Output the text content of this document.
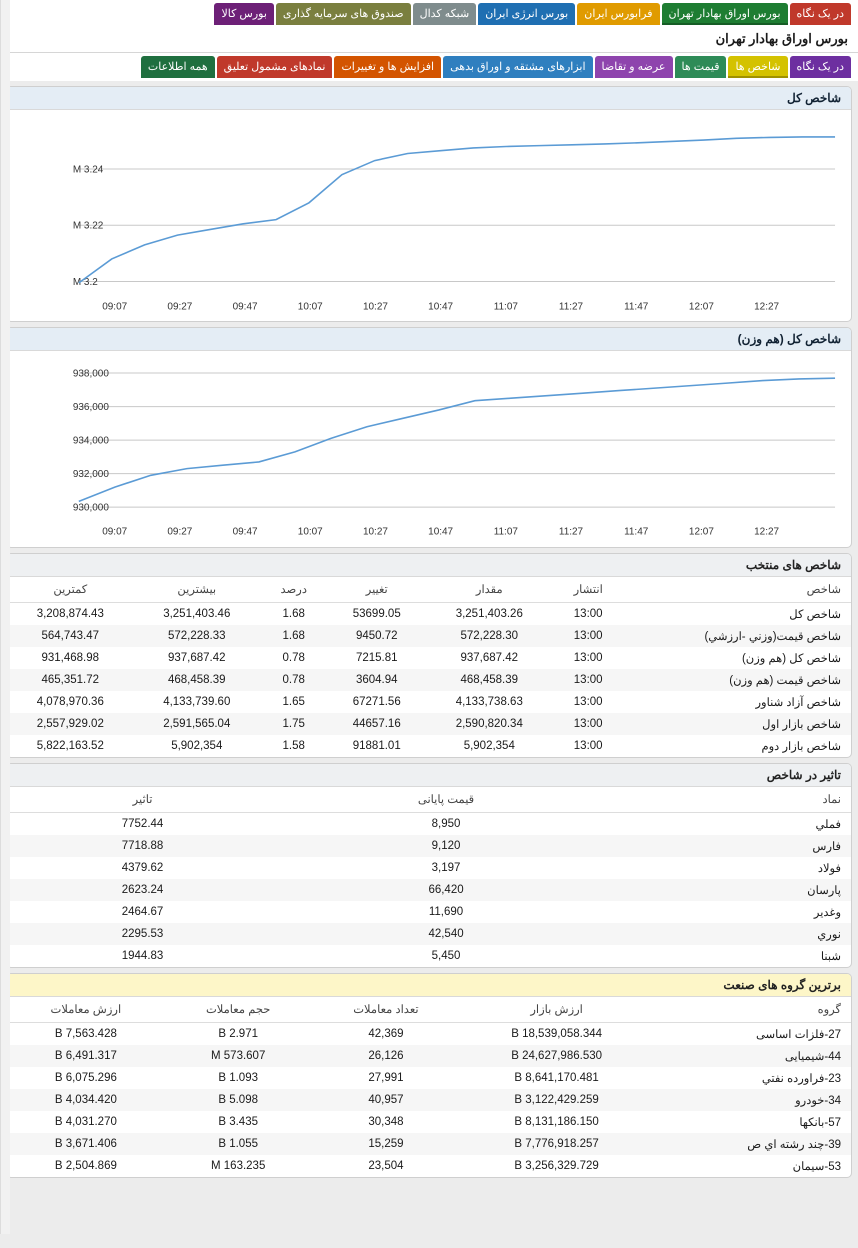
در یک نگاهبورس اوراق بهادار تهرانفرابورس ایرانبورس انرژی ایرانشبکه کدالصندوق های سرمایه گذاریبورس کالا
بورس اوراق بهادار تهران
در یک نگاهشاخص هاقیمت هاعرضه و تقاضاابزارهای مشتقه و اوراق بدهیافزایش ها و تغییراتنمادهای مشمول تعلیقهمه اطلاعات
شاخص کل
3.2 M
3.22 M
3.24 M
09:07	09:27	09:47	10:07	10:27	10:47	11:07	11:27	11:47	12:07	12:27
شاخص کل (هم وزن)
930,000
932,000
934,000
936,000
938,000
09:07	09:27	09:47	10:07	10:27	10:47	11:07	11:27	11:47	12:07	12:27
شاخص های منتخب
شاخص	انتشار	مقدار	تغییر	درصد	بیشترین	کمترین
شاخص کل	13:00	3,251,403.26	53699.05	1.68	3,251,403.46	3,208,874.43
شاخص قیمت(وزني -ارزشي)	13:00	572,228.30	9450.72	1.68	572,228.33	564,743.47
شاخص کل (هم وزن)	13:00	937,687.42	7215.81	0.78	937,687.42	931,468.98
شاخص قیمت (هم وزن)	13:00	468,458.39	3604.94	0.78	468,458.39	465,351.72
شاخص آزاد شناور	13:00	4,133,738.63	67271.56	1.65	4,133,739.60	4,078,970.36
شاخص بازار اول	13:00	2,590,820.34	44657.16	1.75	2,591,565.04	2,557,929.02
شاخص بازار دوم	13:00	5,902,354	91881.01	1.58	5,902,354	5,822,163.52
تاثیر در شاخص
نماد	قیمت پایانی	تاثیر
فملي	8,950	7752.44
فارس	9,120	7718.88
فولاد	3,197	4379.62
پارسان	66,420	2623.24
وغدير	11,690	2464.67
نوري	42,540	2295.53
شبنا	5,450	1944.83
برترین گروه های صنعت
گروه	ارزش بازار	تعداد معاملات	حجم معاملات	ارزش معاملات
27-فلزات اساسی	18,539,058.344 B	42,369	2.971 B	7,563.428 B
44-شیمیایی	24,627,986.530 B	26,126	573.607 M	6,491.317 B
23-فراورده نفتي	8,641,170.481 B	27,991	1.093 B	6,075.296 B
34-خودرو	3,122,429.259 B	40,957	5.098 B	4,034.420 B
57-بانكها	8,131,186.150 B	30,348	3.435 B	4,031.270 B
39-چند رشته اي ص	7,776,918.257 B	15,259	1.055 B	3,671.406 B
53-سیمان	3,256,329.729 B	23,504	163.235 M	2,504.869 B
